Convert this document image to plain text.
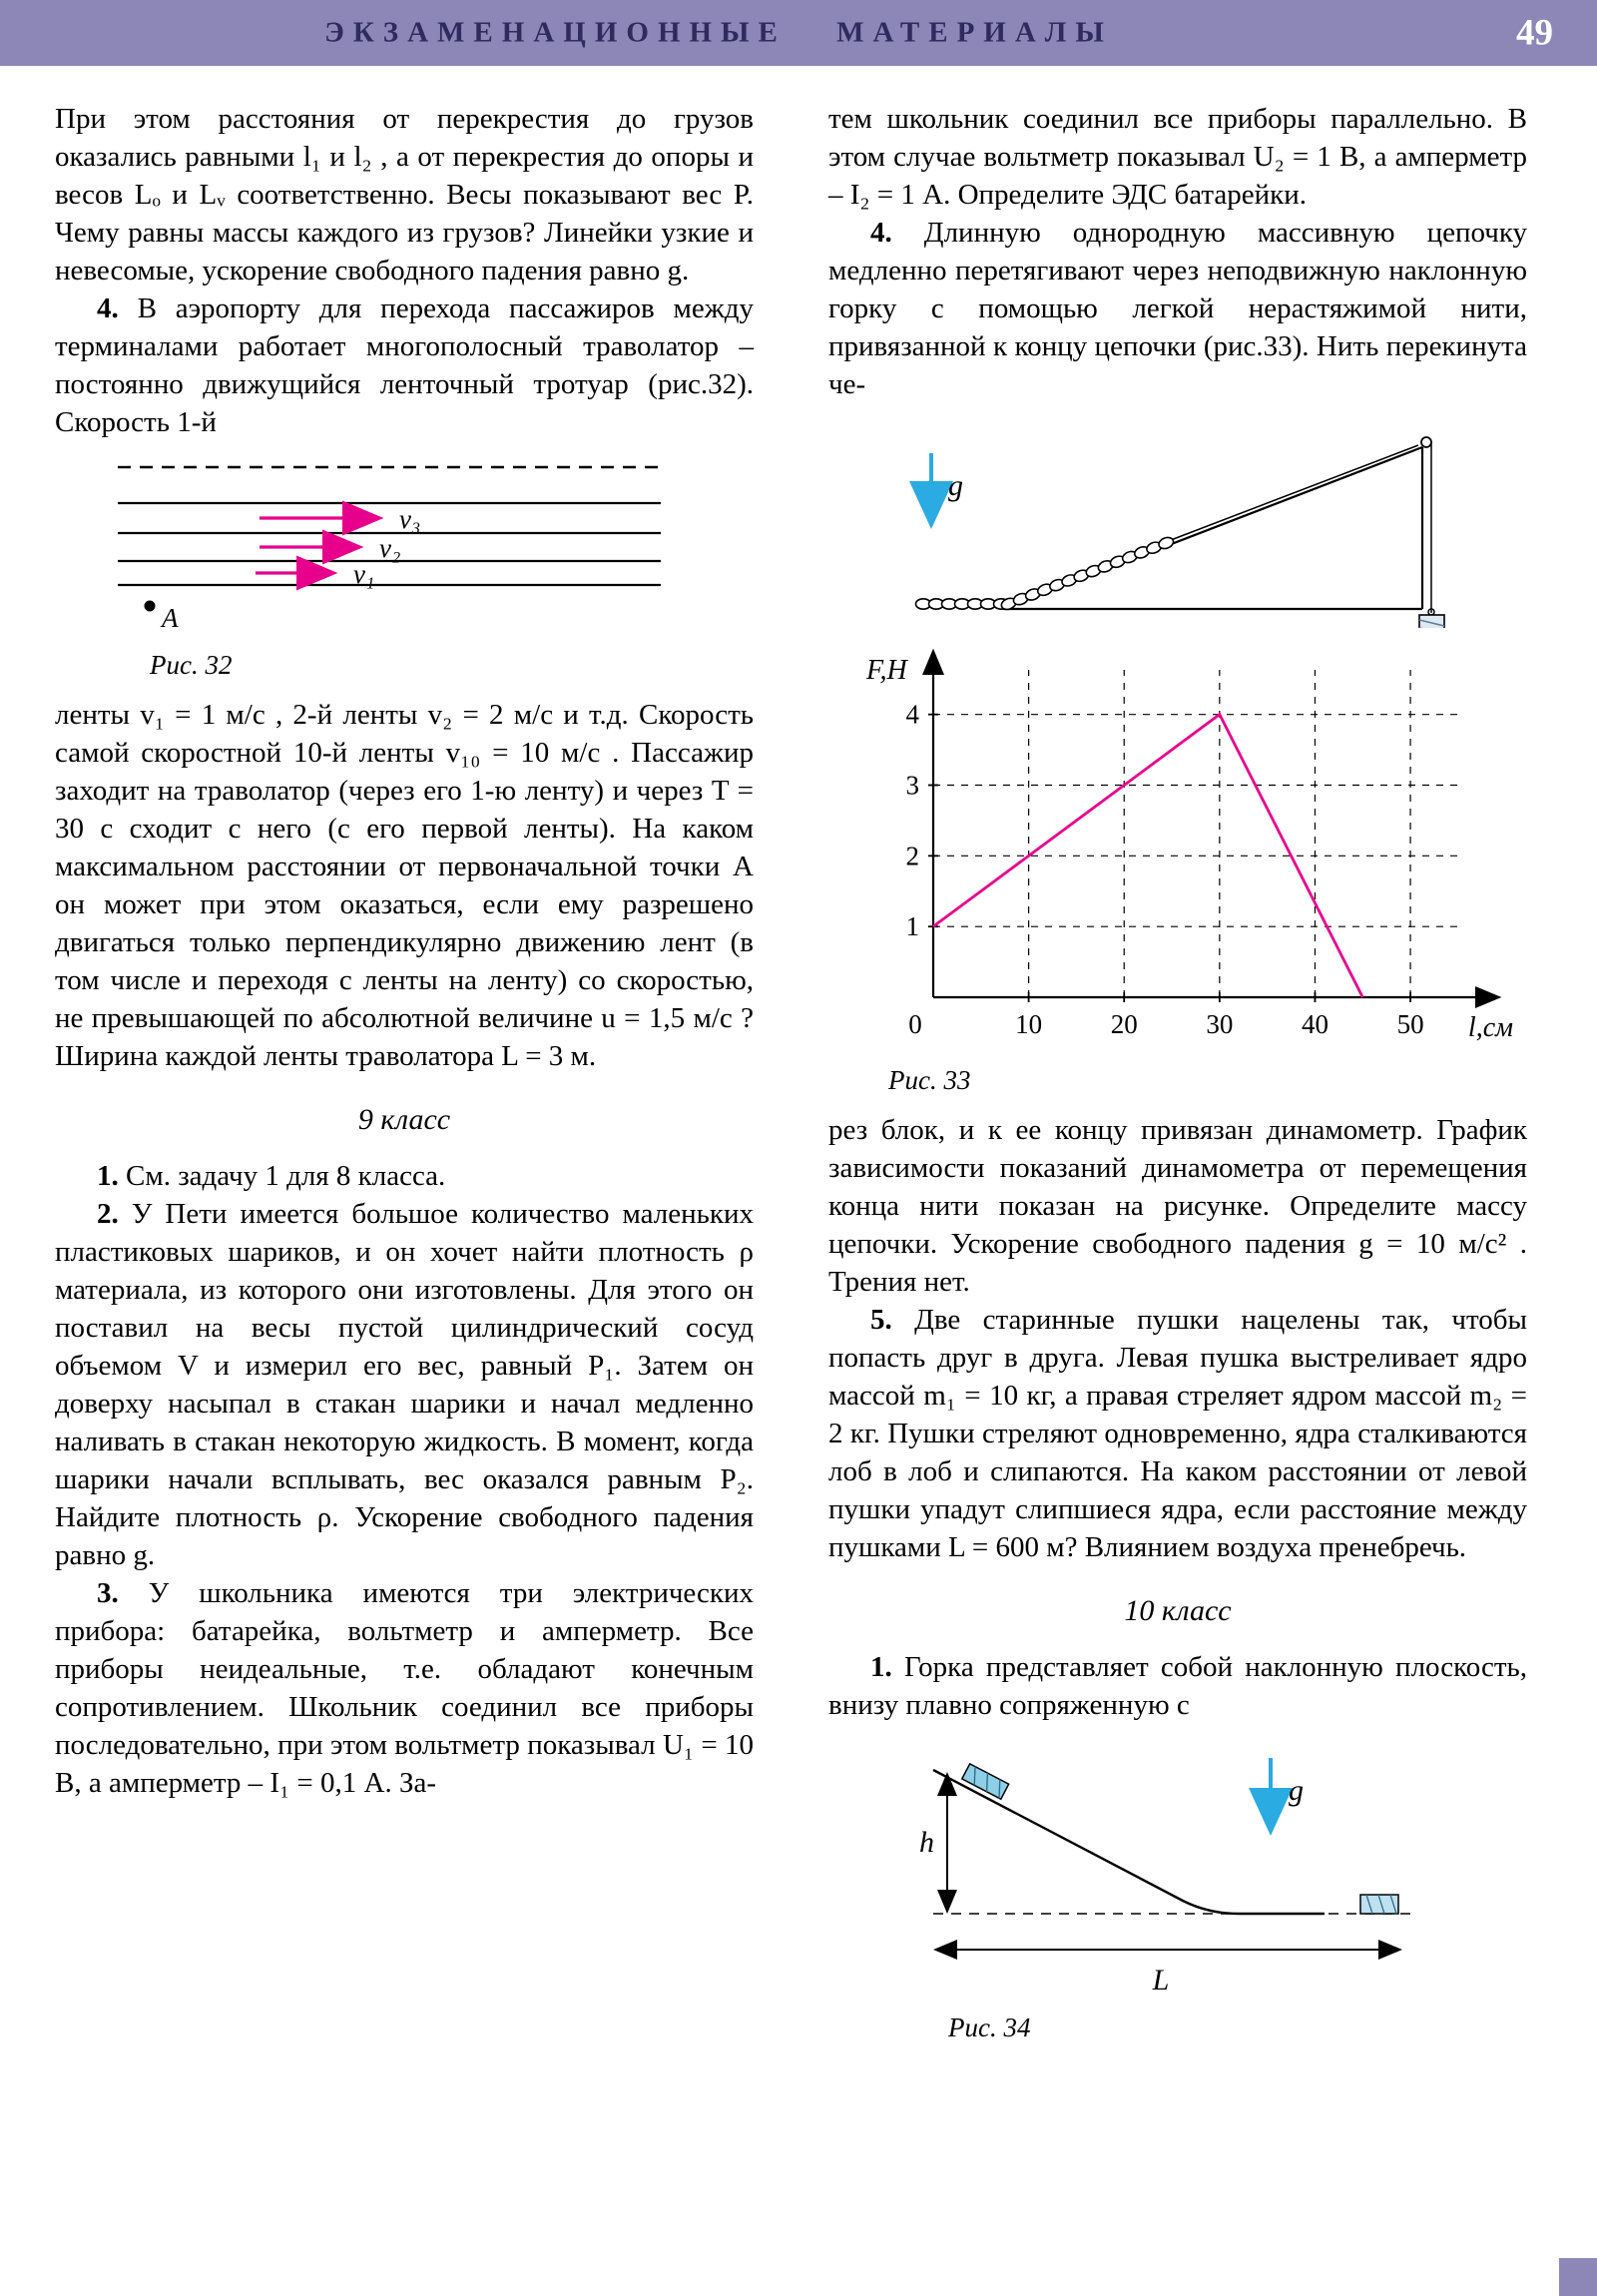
ЭКЗАМЕНАЦИОННЫЕ МАТЕРИАЛЫ	49

При этом расстояния от перекрестия до грузов оказались равными l₁ и l₂ , а от перекрестия до опоры и весов Lₒ и Lᵥ соответственно. Весы показывают вес P. Чему равны массы каждого из грузов? Линейки узкие и невесомые, ускорение свободного падения равно g.

4. В аэропорту для перехода пассажиров между терминалами работает многополосный траволатор – постоянно движущийся ленточный тротуар (рис.32). Скорость 1-й

v₃
v₂
v₁
A
Рис. 32

ленты v₁ = 1 м/с , 2-й ленты v₂ = 2 м/с и т.д. Скорость самой скоростной 10-й ленты v₁₀ = 10 м/с . Пассажир заходит на траволатор (через его 1-ю ленту) и через T = 30 с сходит с него (с его первой ленты). На каком максимальном расстоянии от первоначальной точки A он может при этом оказаться, если ему разрешено двигаться только перпендикулярно движению лент (в том числе и переходя с ленты на ленту) со скоростью, не превышающей по абсолютной величине u = 1,5 м/с ? Ширина каждой ленты траволатора L = 3 м.

9 класс

1. См. задачу 1 для 8 класса.

2. У Пети имеется большое количество маленьких пластиковых шариков, и он хочет найти плотность ρ материала, из которого они изготовлены. Для этого он поставил на весы пустой цилиндрический сосуд объемом V и измерил его вес, равный P₁. Затем он доверху насыпал в стакан шарики и начал медленно наливать в стакан некоторую жидкость. В момент, когда шарики начали всплывать, вес оказался равным P₂. Найдите плотность ρ. Ускорение свободного падения равно g.

3. У школьника имеются три электрических прибора: батарейка, вольтметр и амперметр. Все приборы неидеальные, т.е. обладают конечным сопротивлением. Школьник соединил все приборы последовательно, при этом вольтметр показывал U₁ = 10 В, а амперметр – I₁ = 0,1 А. За-

тем школьник соединил все приборы параллельно. В этом случае вольтметр показывал U₂ = 1 В, а амперметр – I₂ = 1 А. Определите ЭДС батарейки.

4. Длинную однородную массивную цепочку медленно перетягивают через неподвижную наклонную горку с помощью легкой нерастяжимой нити, привязанной к концу цепочки (рис.33). Нить перекинута че-

g
0	10	20	30	40	50
1
2
3
4
F,Н
l,см
Рис. 33

рез блок, и к ее концу привязан динамометр. График зависимости показаний динамометра от перемещения конца нити показан на рисунке. Определите массу цепочки. Ускорение свободного падения g = 10 м/с² . Трения нет.

5. Две старинные пушки нацелены так, чтобы попасть друг в друга. Левая пушка выстреливает ядро массой m₁ = 10 кг, а правая стреляет ядром массой m₂ = 2 кг. Пушки стреляют одновременно, ядра сталкиваются лоб в лоб и слипаются. На каком расстоянии от левой пушки упадут слипшиеся ядра, если расстояние между пушками L = 600 м? Влиянием воздуха пренебречь.

10 класс

1. Горка представляет собой наклонную плоскость, внизу плавно сопряженную с

h
L
g
Рис. 34
